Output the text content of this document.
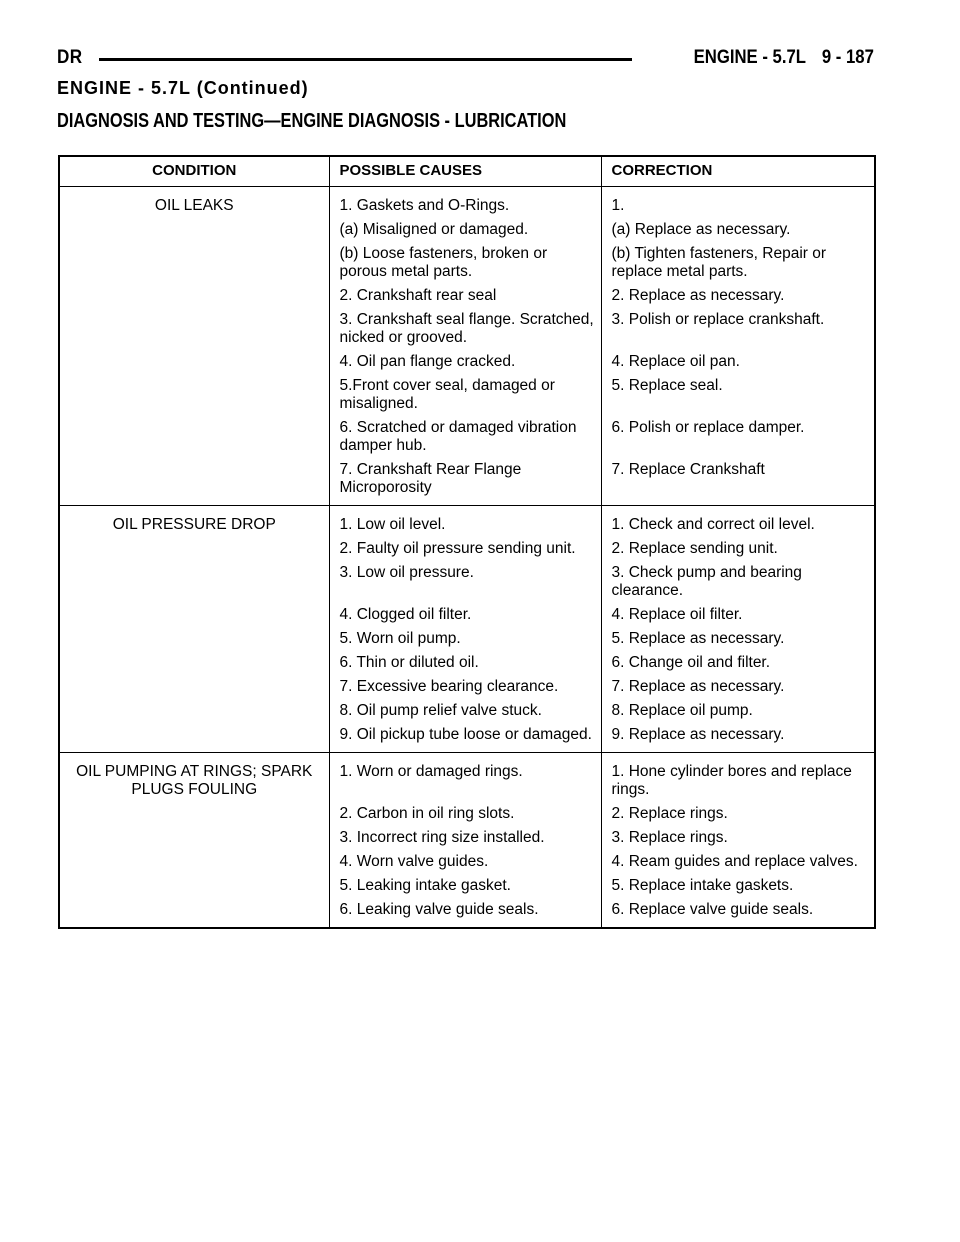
DR	ENGINE - 5.7L 9 - 187
ENGINE - 5.7L (Continued)
DIAGNOSIS AND TESTING—ENGINE DIAGNOSIS - LUBRICATION
CONDITION	POSSIBLE CAUSES	CORRECTION
OIL LEAKS	1. Gaskets and O-Rings.	1.
	(a) Misaligned or damaged.	(a) Replace as necessary.
	(b) Loose fasteners, broken or porous metal parts.	(b) Tighten fasteners, Repair or replace metal parts.
	2. Crankshaft rear seal	2. Replace as necessary.
	3. Crankshaft seal flange. Scratched, nicked or grooved.	3. Polish or replace crankshaft.
	4. Oil pan flange cracked.	4. Replace oil pan.
	5.Front cover seal, damaged or misaligned.	5. Replace seal.
	6. Scratched or damaged vibration damper hub.	6. Polish or replace damper.
	7. Crankshaft Rear Flange Microporosity	7. Replace Crankshaft
OIL PRESSURE DROP	1. Low oil level.	1. Check and correct oil level.
	2. Faulty oil pressure sending unit.	2. Replace sending unit.
	3. Low oil pressure.	3. Check pump and bearing clearance.
	4. Clogged oil filter.	4. Replace oil filter.
	5. Worn oil pump.	5. Replace as necessary.
	6. Thin or diluted oil.	6. Change oil and filter.
	7. Excessive bearing clearance.	7. Replace as necessary.
	8. Oil pump relief valve stuck.	8. Replace oil pump.
	9. Oil pickup tube loose or damaged.	9. Replace as necessary.
OIL PUMPING AT RINGS; SPARK PLUGS FOULING	1. Worn or damaged rings.	1. Hone cylinder bores and replace rings.
	2. Carbon in oil ring slots.	2. Replace rings.
	3. Incorrect ring size installed.	3. Replace rings.
	4. Worn valve guides.	4. Ream guides and replace valves.
	5. Leaking intake gasket.	5. Replace intake gaskets.
	6. Leaking valve guide seals.	6. Replace valve guide seals.
